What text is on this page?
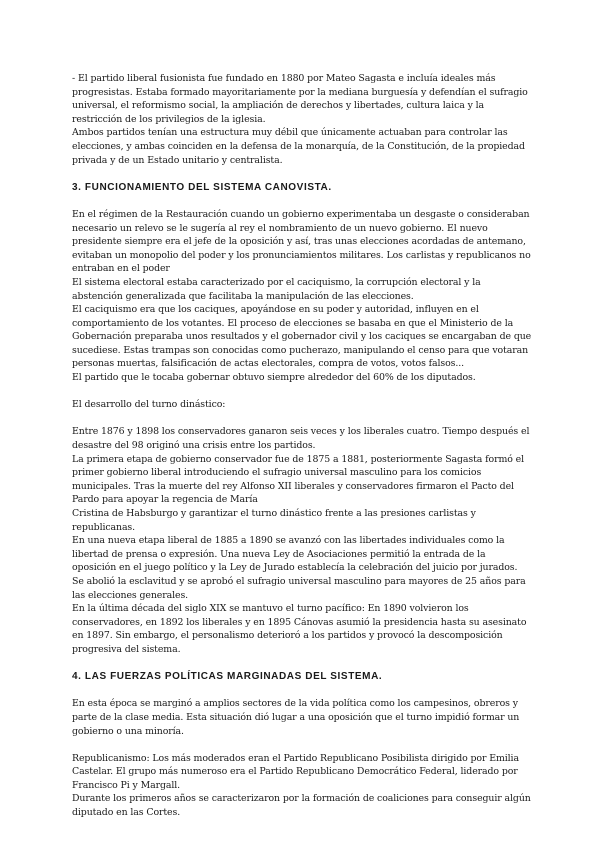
- El partido liberal fusionista fue fundado en 1880 por Mateo Sagasta e incluía ideales más progresistas. Estaba formado mayoritariamente por la mediana burguesía y defendían el sufragio universal, el reformismo social, la ampliación de derechos y libertades, cultura laica y la restricción de los privilegios de la iglesia.

Ambos partidos tenían una estructura muy débil que únicamente actuaban para controlar las elecciones, y ambas coinciden en la defensa de la monarquía, de la Constitución, de la propiedad privada y de un Estado unitario y centralista.

3. FUNCIONAMIENTO DEL SISTEMA CANOVISTA.

En el régimen de la Restauración cuando un gobierno experimentaba un desgaste o consideraban necesario un relevo se le sugería al rey el nombramiento de un nuevo gobierno. El nuevo presidente siempre era el jefe de la oposición y así, tras unas elecciones acordadas de antemano, evitaban un monopolio del poder y los pronunciamientos militares. Los carlistas y republicanos no entraban en el poder

El sistema electoral estaba caracterizado por el caciquismo, la corrupción electoral y la abstención generalizada que facilitaba la manipulación de las elecciones.

El caciquismo era que los caciques, apoyándose en su poder y autoridad, influyen en el comportamiento de los votantes. El proceso de elecciones se basaba en que el Ministerio de la Gobernación preparaba unos resultados y el gobernador civil y los caciques se encargaban de que sucediese. Estas trampas son conocidas como pucherazo, manipulando el censo para que votaran personas muertas, falsificación de actas electorales, compra de votos, votos falsos...

El partido que le tocaba gobernar obtuvo siempre alrededor del 60% de los diputados.

El desarrollo del turno dinástico:

Entre 1876 y 1898 los conservadores ganaron seis veces y los liberales cuatro. Tiempo después el desastre del 98 originó una crisis entre los partidos.

La primera etapa de gobierno conservador fue de 1875 a 1881, posteriormente Sagasta formó el primer gobierno liberal introduciendo el sufragio universal masculino para los comicios municipales. Tras la muerte del rey Alfonso XII liberales y conservadores firmaron el Pacto del Pardo para apoyar la regencia de María

Cristina de Habsburgo y garantizar el turno dinástico frente a las presiones carlistas y republicanas.

En una nueva etapa liberal de 1885 a 1890 se avanzó con las libertades individuales como la libertad de prensa o expresión. Una nueva Ley de Asociaciones permitió la entrada de la oposición en el juego político y la Ley de Jurado establecía la celebración del juicio por jurados.

Se abolió la esclavitud y se aprobó el sufragio universal masculino para mayores de 25 años para las elecciones generales.

En la última década del siglo XIX se mantuvo el turno pacífico: En 1890 volvieron los conservadores, en 1892 los liberales y en 1895 Cánovas asumió la presidencia hasta su asesinato en 1897. Sin embargo, el personalismo deterioró a los partidos y provocó la descomposición progresiva del sistema.

4. LAS FUERZAS POLÍTICAS MARGINADAS DEL SISTEMA.

En esta época se marginó a amplios sectores de la vida política como los campesinos, obreros y parte de la clase media. Esta situación dió lugar a una oposición que el turno impidió formar un gobierno o una minoría.

Republicanismo: Los más moderados eran el Partido Republicano Posibilista dirigido por Emilia Castelar. El grupo más numeroso era el Partido Republicano Democrático Federal, liderado por Francisco Pi y Margall.

Durante los primeros años se caracterizaron por la formación de coaliciones para conseguir algún diputado en las Cortes.
